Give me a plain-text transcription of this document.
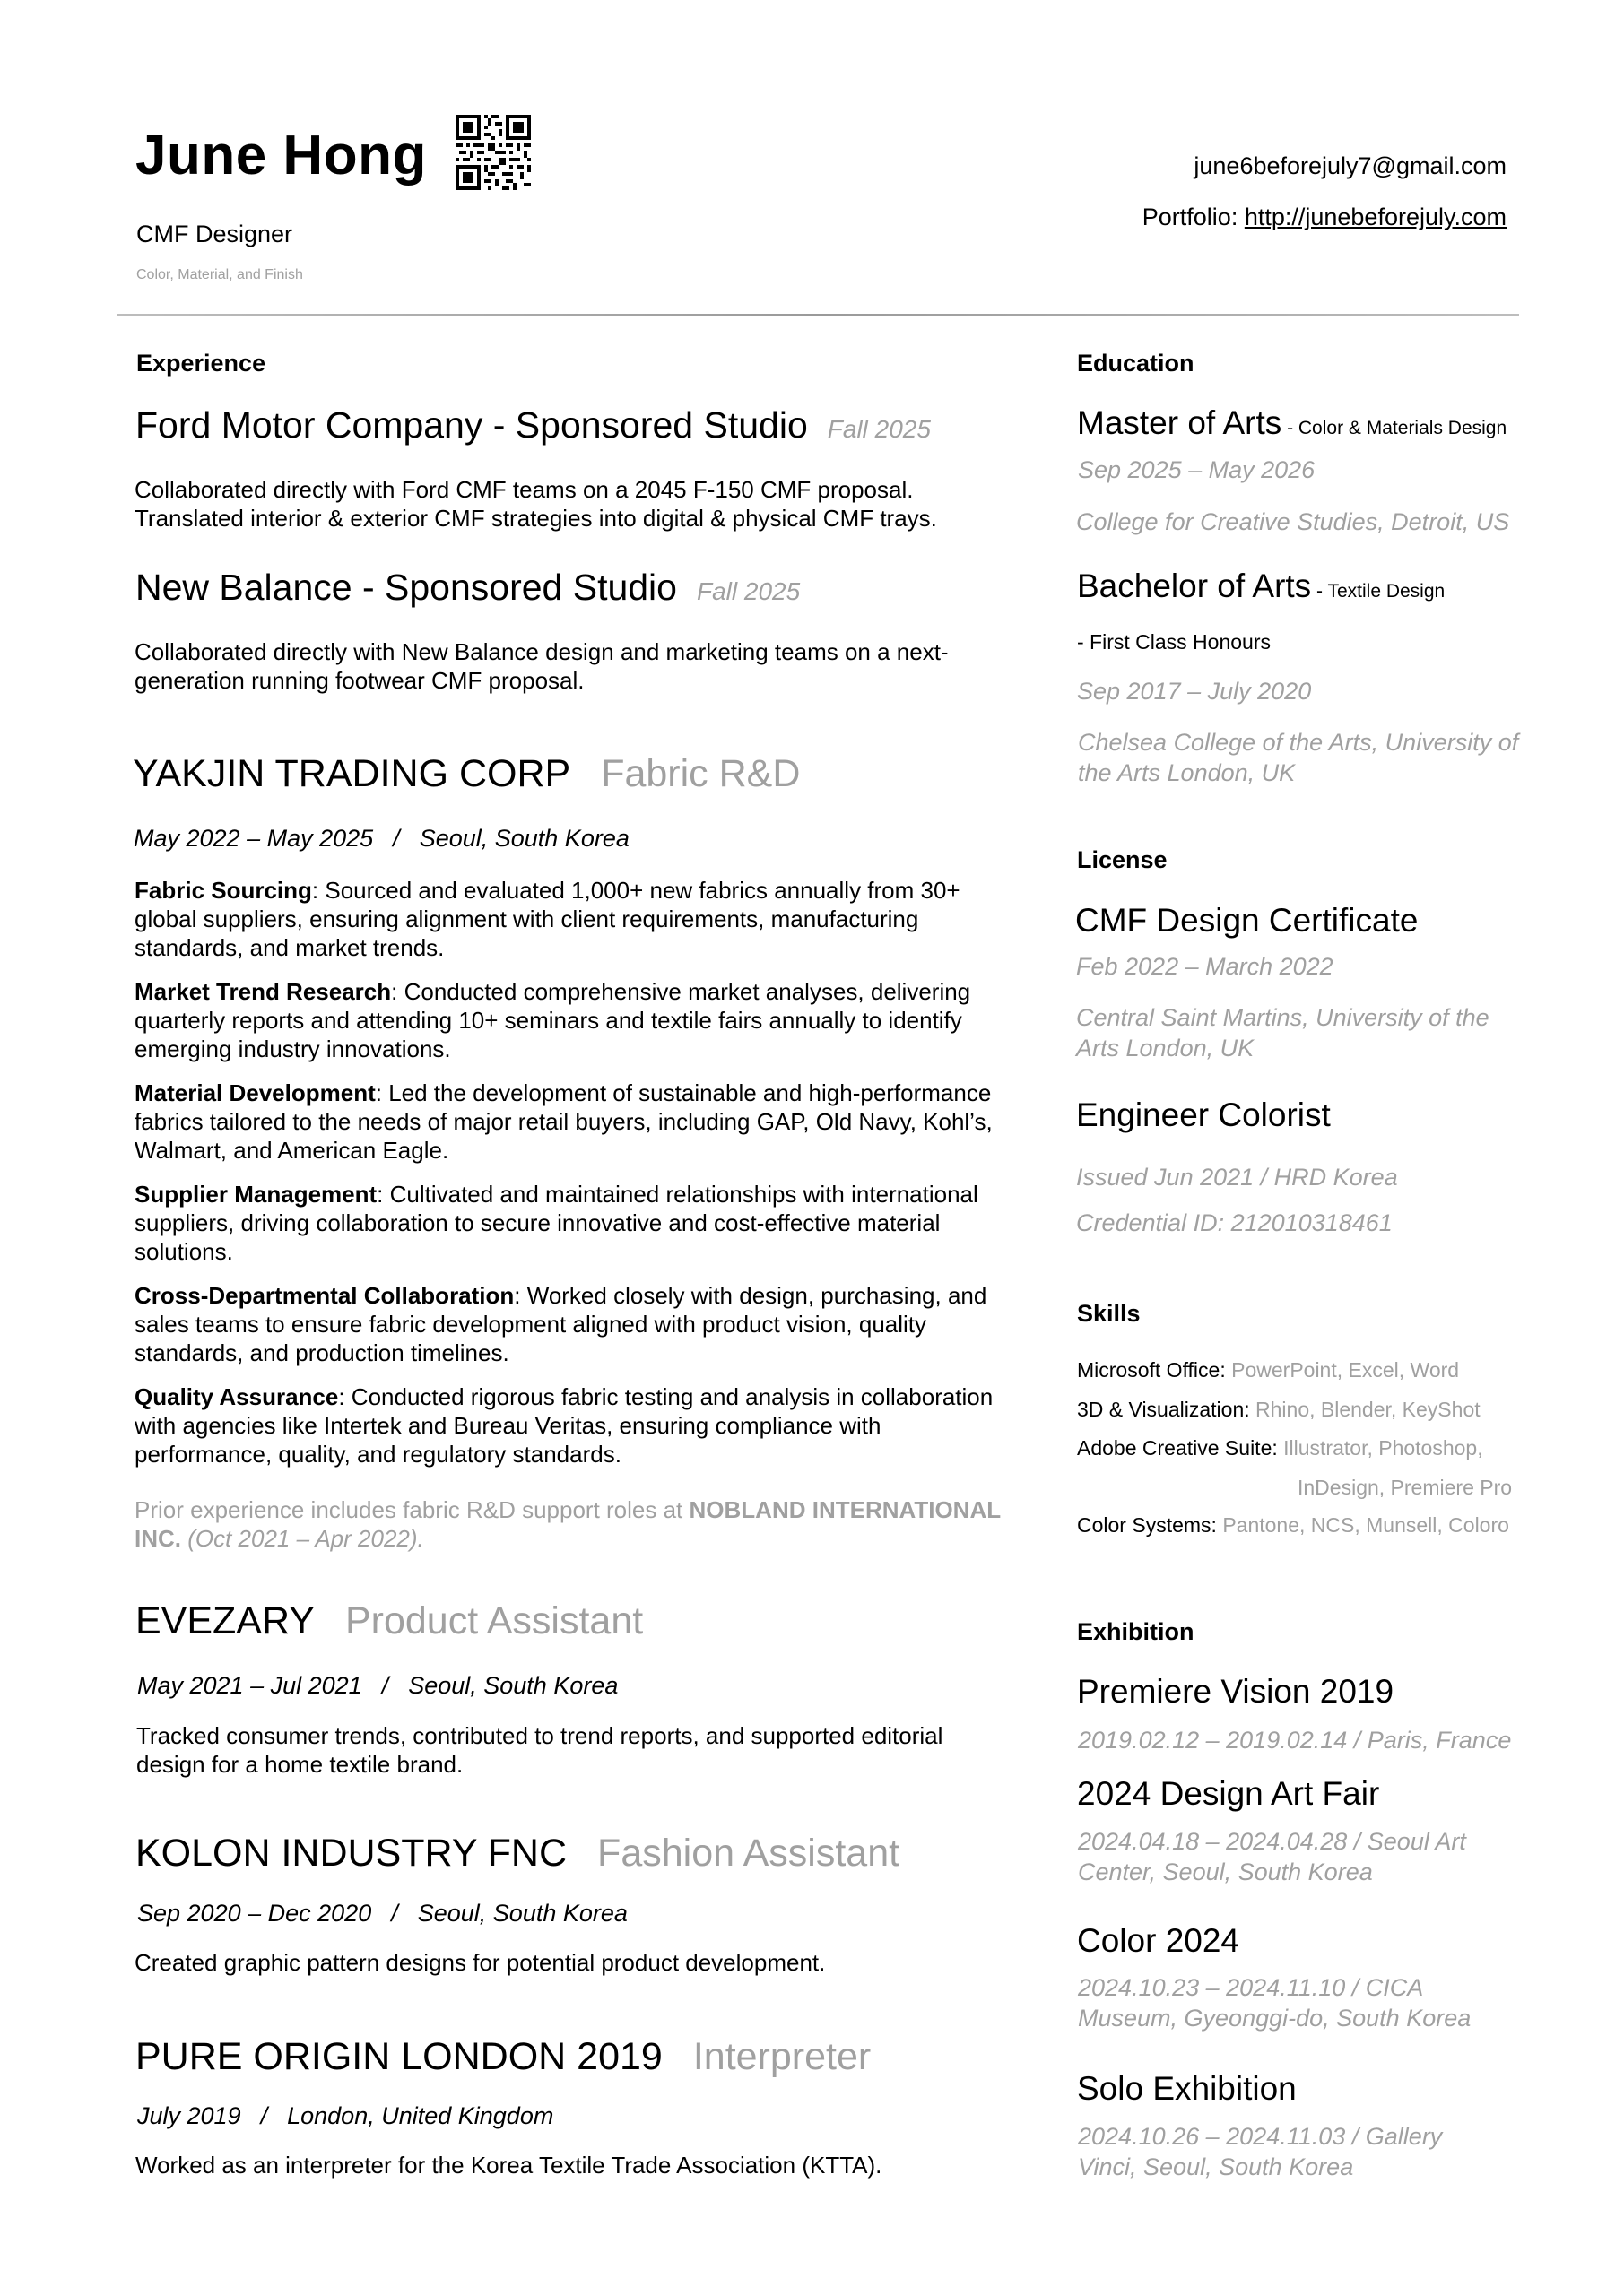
June Hong
CMF Designer
Color, Material, and Finish
june6beforejuly7@gmail.com
Portfolio: http://junebeforejuly.com
Experience
Ford Motor Company - Sponsored Studio Fall 2025
Collaborated directly with Ford CMF teams on a 2045 F-150 CMF proposal. Translated interior & exterior CMF strategies into digital & physical CMF trays.
New Balance - Sponsored Studio Fall 2025
Collaborated directly with New Balance design and marketing teams on a next-generation running footwear CMF proposal.
YAKJIN TRADING CORP Fabric R&D
May 2022 – May 2025 / Seoul, South Korea
Fabric Sourcing: Sourced and evaluated 1,000+ new fabrics annually from 30+ global suppliers, ensuring alignment with client requirements, manufacturing standards, and market trends.
Market Trend Research: Conducted comprehensive market analyses, delivering quarterly reports and attending 10+ seminars and textile fairs annually to identify emerging industry innovations.
Material Development: Led the development of sustainable and high-performance fabrics tailored to the needs of major retail buyers, including GAP, Old Navy, Kohl’s, Walmart, and American Eagle.
Supplier Management: Cultivated and maintained relationships with international suppliers, driving collaboration to secure innovative and cost-effective material solutions.
Cross-Departmental Collaboration: Worked closely with design, purchasing, and sales teams to ensure fabric development aligned with product vision, quality standards, and production timelines.
Quality Assurance: Conducted rigorous fabric testing and analysis in collaboration with agencies like Intertek and Bureau Veritas, ensuring compliance with performance, quality, and regulatory standards.
Prior experience includes fabric R&D support roles at NOBLAND INTERNATIONAL INC. (Oct 2021 – Apr 2022).
EVEZARY Product Assistant
May 2021 – Jul 2021 / Seoul, South Korea
Tracked consumer trends, contributed to trend reports, and supported editorial design for a home textile brand.
KOLON INDUSTRY FNC Fashion Assistant
Sep 2020 – Dec 2020 / Seoul, South Korea
Created graphic pattern designs for potential product development.
PURE ORIGIN LONDON 2019 Interpreter
July 2019 / London, United Kingdom
Worked as an interpreter for the Korea Textile Trade Association (KTTA).
Education
Master of Arts - Color & Materials Design
Sep 2025 – May 2026
College for Creative Studies, Detroit, US
Bachelor of Arts - Textile Design
- First Class Honours
Sep 2017 – July 2020
Chelsea College of the Arts, University of the Arts London, UK
License
CMF Design Certificate
Feb 2022 – March 2022
Central Saint Martins, University of the Arts London, UK
Engineer Colorist
Issued Jun 2021 / HRD Korea
Credential ID: 212010318461
Skills
Microsoft Office: PowerPoint, Excel, Word
3D & Visualization: Rhino, Blender, KeyShot
Adobe Creative Suite: Illustrator, Photoshop,
InDesign, Premiere Pro
Color Systems: Pantone, NCS, Munsell, Coloro
Exhibition
Premiere Vision 2019
2019.02.12 – 2019.02.14 / Paris, France
2024 Design Art Fair
2024.04.18 – 2024.04.28 / Seoul Art Center, Seoul, South Korea
Color 2024
2024.10.23 – 2024.11.10 / CICA Museum, Gyeonggi-do, South Korea
Solo Exhibition
2024.10.26 – 2024.11.03 / Gallery Vinci, Seoul, South Korea
